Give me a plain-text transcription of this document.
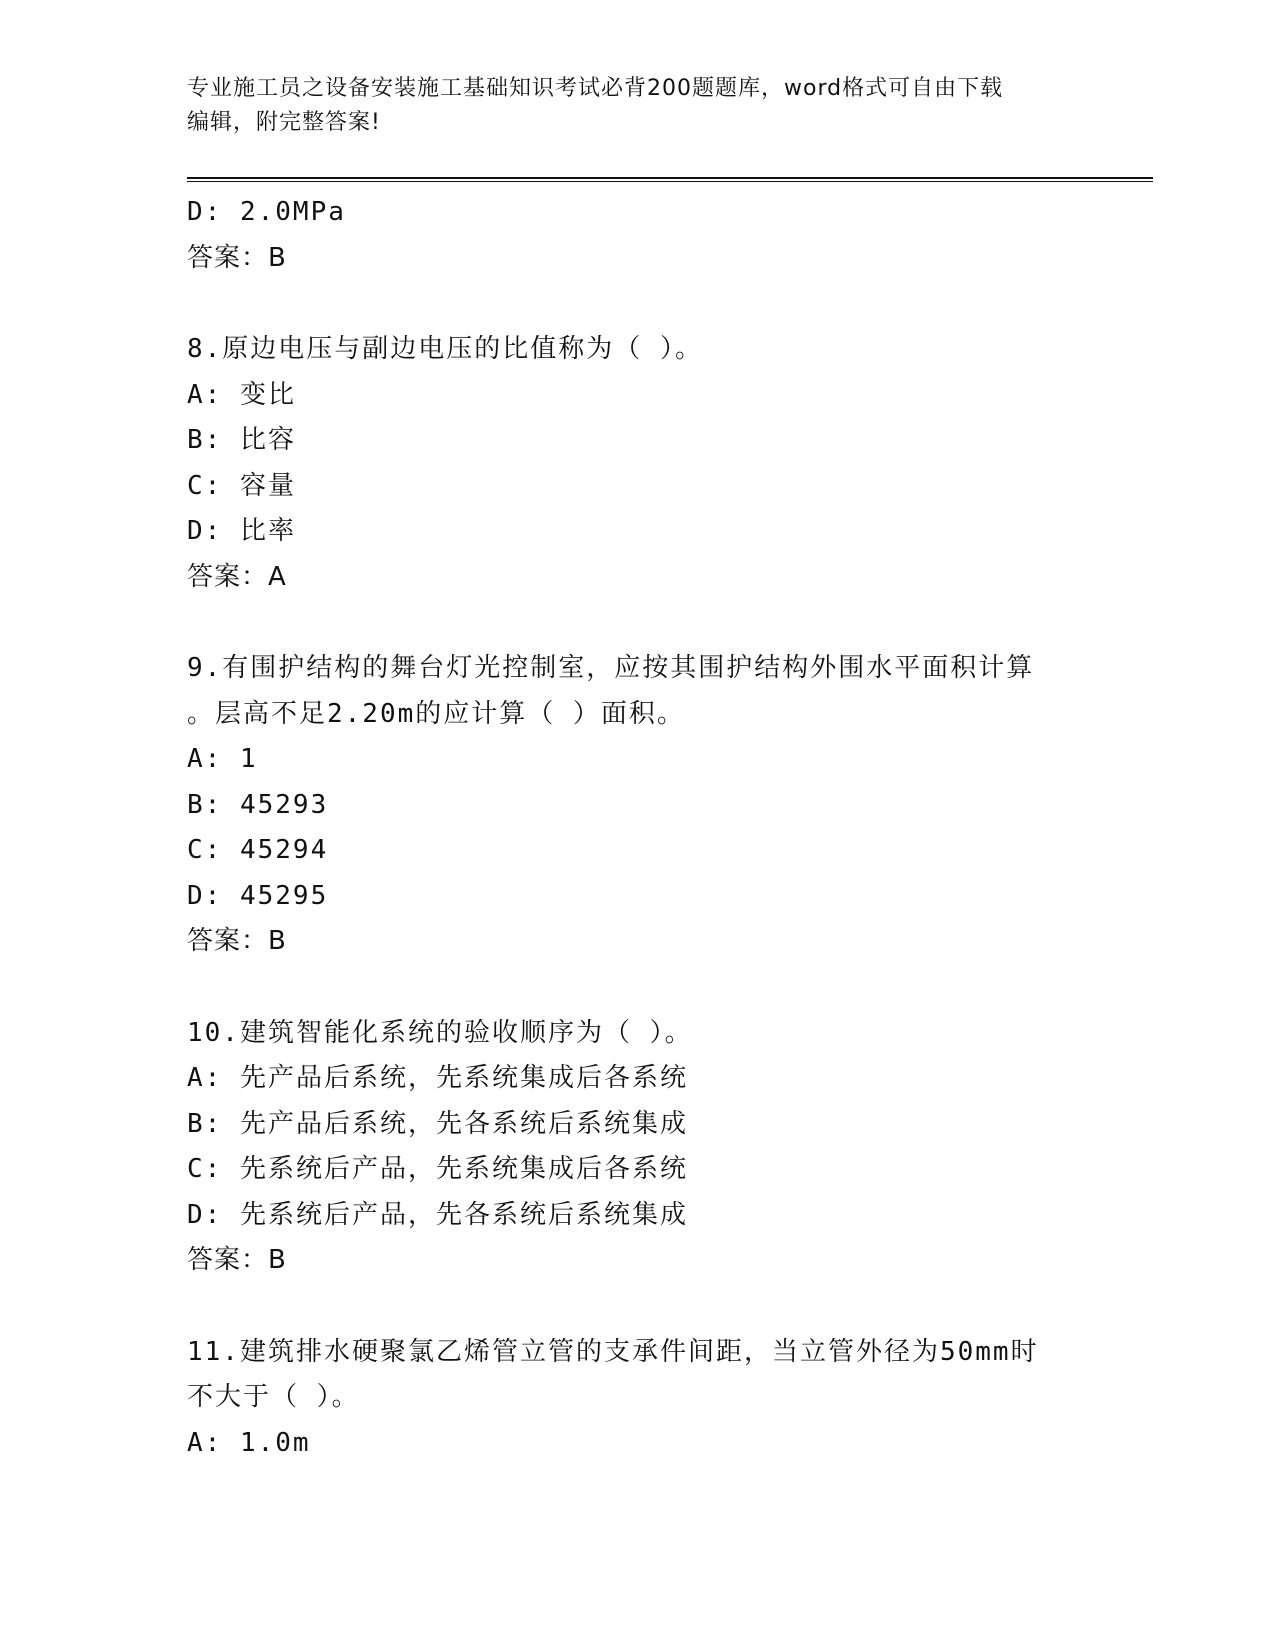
专业施工员之设备安装施工基础知识考试必背200题题库，word格式可自由下载
编辑，附完整答案!
D: 2.0MPa
答案：B
8.原边电压与副边电压的比值称为（ ）。
A: 变比
B: 比容
C: 容量
D: 比率
答案：A
9.有围护结构的舞台灯光控制室，应按其围护结构外围水平面积计算
。层高不足2.20m的应计算（ ）面积。
A: 1
B: 45293
C: 45294
D: 45295
答案：B
10.建筑智能化系统的验收顺序为（ ）。
A: 先产品后系统，先系统集成后各系统
B: 先产品后系统，先各系统后系统集成
C: 先系统后产品，先系统集成后各系统
D: 先系统后产品，先各系统后系统集成
答案：B
11.建筑排水硬聚氯乙烯管立管的支承件间距，当立管外径为50mm时
不大于（ ）。
A: 1.0m
